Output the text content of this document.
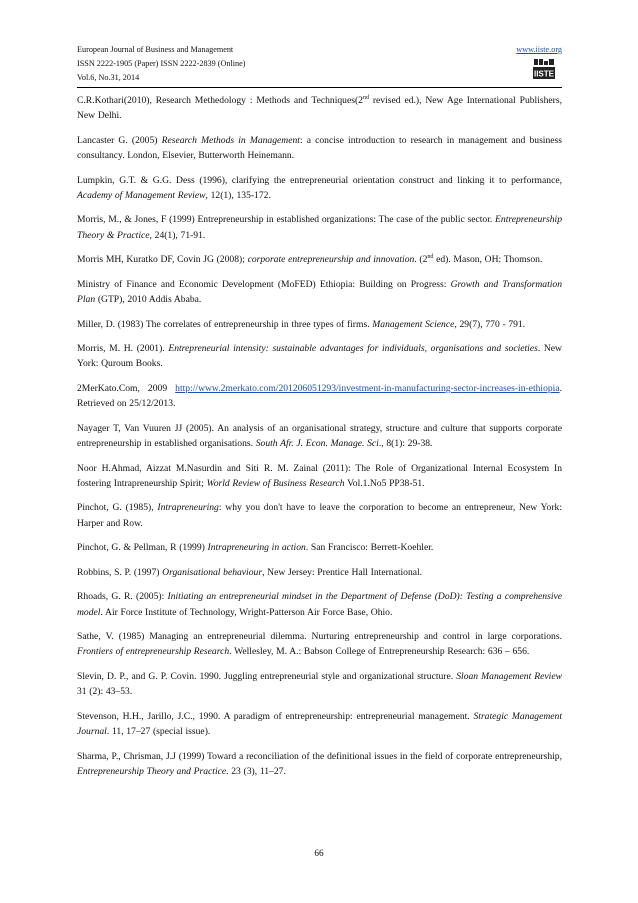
European Journal of Business and Management
ISSN 2222-1905 (Paper) ISSN 2222-2839 (Online)
Vol.6, No.31, 2014
www.iiste.org
IISTE

C.R.Kothari(2010), Research Methedology : Methods and Techniques(2nd revised ed.), New Age International Publishers, New Delhi.

Lancaster G. (2005) Research Methods in Management: a concise introduction to research in management and business consultancy. London, Elsevier, Butterworth Heinemann.

Lumpkin, G.T. & G.G. Dess (1996), clarifying the entrepreneurial orientation construct and linking it to performance, Academy of Management Review, 12(1), 135-172.

Morris, M., & Jones, F (1999) Entrepreneurship in established organizations: The case of the public sector. Entrepreneurship Theory & Practice, 24(1), 71-91.

Morris MH, Kuratko DF, Covin JG (2008); corporate entrepreneurship and innovation. (2nd ed). Mason, OH: Thomson.

Ministry of Finance and Economic Development (MoFED) Ethiopia: Building on Progress: Growth and Transformation Plan (GTP), 2010 Addis Ababa.

Miller, D. (1983) The correlates of entrepreneurship in three types of firms. Management Science, 29(7), 770 - 791.

Morris, M. H. (2001). Entrepreneurial intensity: sustainable advantages for individuals, organisations and societies. New York: Quroum Books.

2MerKato.Com, 2009 http://www.2merkato.com/201206051293/investment-in-manufacturing-sector-increases-in-ethiopia. Retrieved on 25/12/2013.

Nayager T, Van Vuuren JJ (2005). An analysis of an organisational strategy, structure and culture that supports corporate entrepreneurship in established organisations. South Afr. J. Econ. Manage. Sci., 8(1): 29-38.

Noor H.Ahmad, Aizzat M.Nasurdin and Siti R. M. Zainal (2011): The Role of Organizational Internal Ecosystem In fostering Intrapreneurship Spirit; World Review of Business Research Vol.1.No5 PP38-51.

Pinchot, G. (1985), Intrapreneuring: why you don't have to leave the corporation to become an entrepreneur, New York: Harper and Row.

Pinchot, G. & Pellman, R (1999) Intrapreneuring in action. San Francisco: Berrett-Koehler.

Robbins, S. P. (1997) Organisational behaviour, New Jersey: Prentice Hall International.

Rhoads, G. R. (2005): Initiating an entrepreneurial mindset in the Department of Defense (DoD): Testing a comprehensive model. Air Force Institute of Technology, Wright-Patterson Air Force Base, Ohio.

Sathe, V. (1985) Managing an entrepreneurial dilemma. Nurturing entrepreneurship and control in large corporations. Frontiers of entrepreneurship Research. Wellesley, M. A.: Babson College of Entrepreneurship Research: 636 – 656.

Slevin, D. P., and G. P. Covin. 1990. Juggling entrepreneurial style and organizational structure. Sloan Management Review 31 (2): 43–53.

Stevenson, H.H., Jarillo, J.C., 1990. A paradigm of entrepreneurship: entrepreneurial management. Strategic Management Journal. 11, 17–27 (special issue).

Sharma, P., Chrisman, J.J (1999) Toward a reconciliation of the definitional issues in the field of corporate entrepreneurship, Entrepreneurship Theory and Practice. 23 (3), 11–27.

66
